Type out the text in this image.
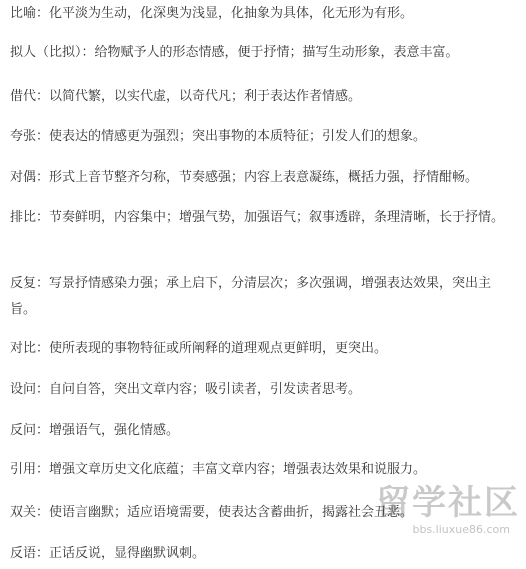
比喻：化平淡为生动，化深奥为浅显，化抽象为具体，化无形为有形。

拟人（比拟）：给物赋予人的形态情感，便于抒情；描写生动形象，表意丰富。

借代：以简代繁，以实代虚，以奇代凡；利于表达作者情感。

夸张：使表达的情感更为强烈；突出事物的本质特征；引发人们的想象。

对偶：形式上音节整齐匀称，节奏感强；内容上表意凝练，概括力强，抒情酣畅。

排比：节奏鲜明，内容集中；增强气势，加强语气；叙事透辟，条理清晰，长于抒情。

反复：写景抒情感染力强；承上启下，分清层次；多次强调，增强表达效果，突出主旨。

对比：使所表现的事物特征或所阐释的道理观点更鲜明，更突出。

设问：自问自答，突出文章内容；吸引读者，引发读者思考。

反问：增强语气，强化情感。

引用：增强文章历史文化底蕴；丰富文章内容；增强表达效果和说服力。

双关：使语言幽默；适应语境需要，使表达含蓄曲折，揭露社会丑恶。

反语：正话反说，显得幽默讽刺。

留学社区
bbs.liuxue86.com
